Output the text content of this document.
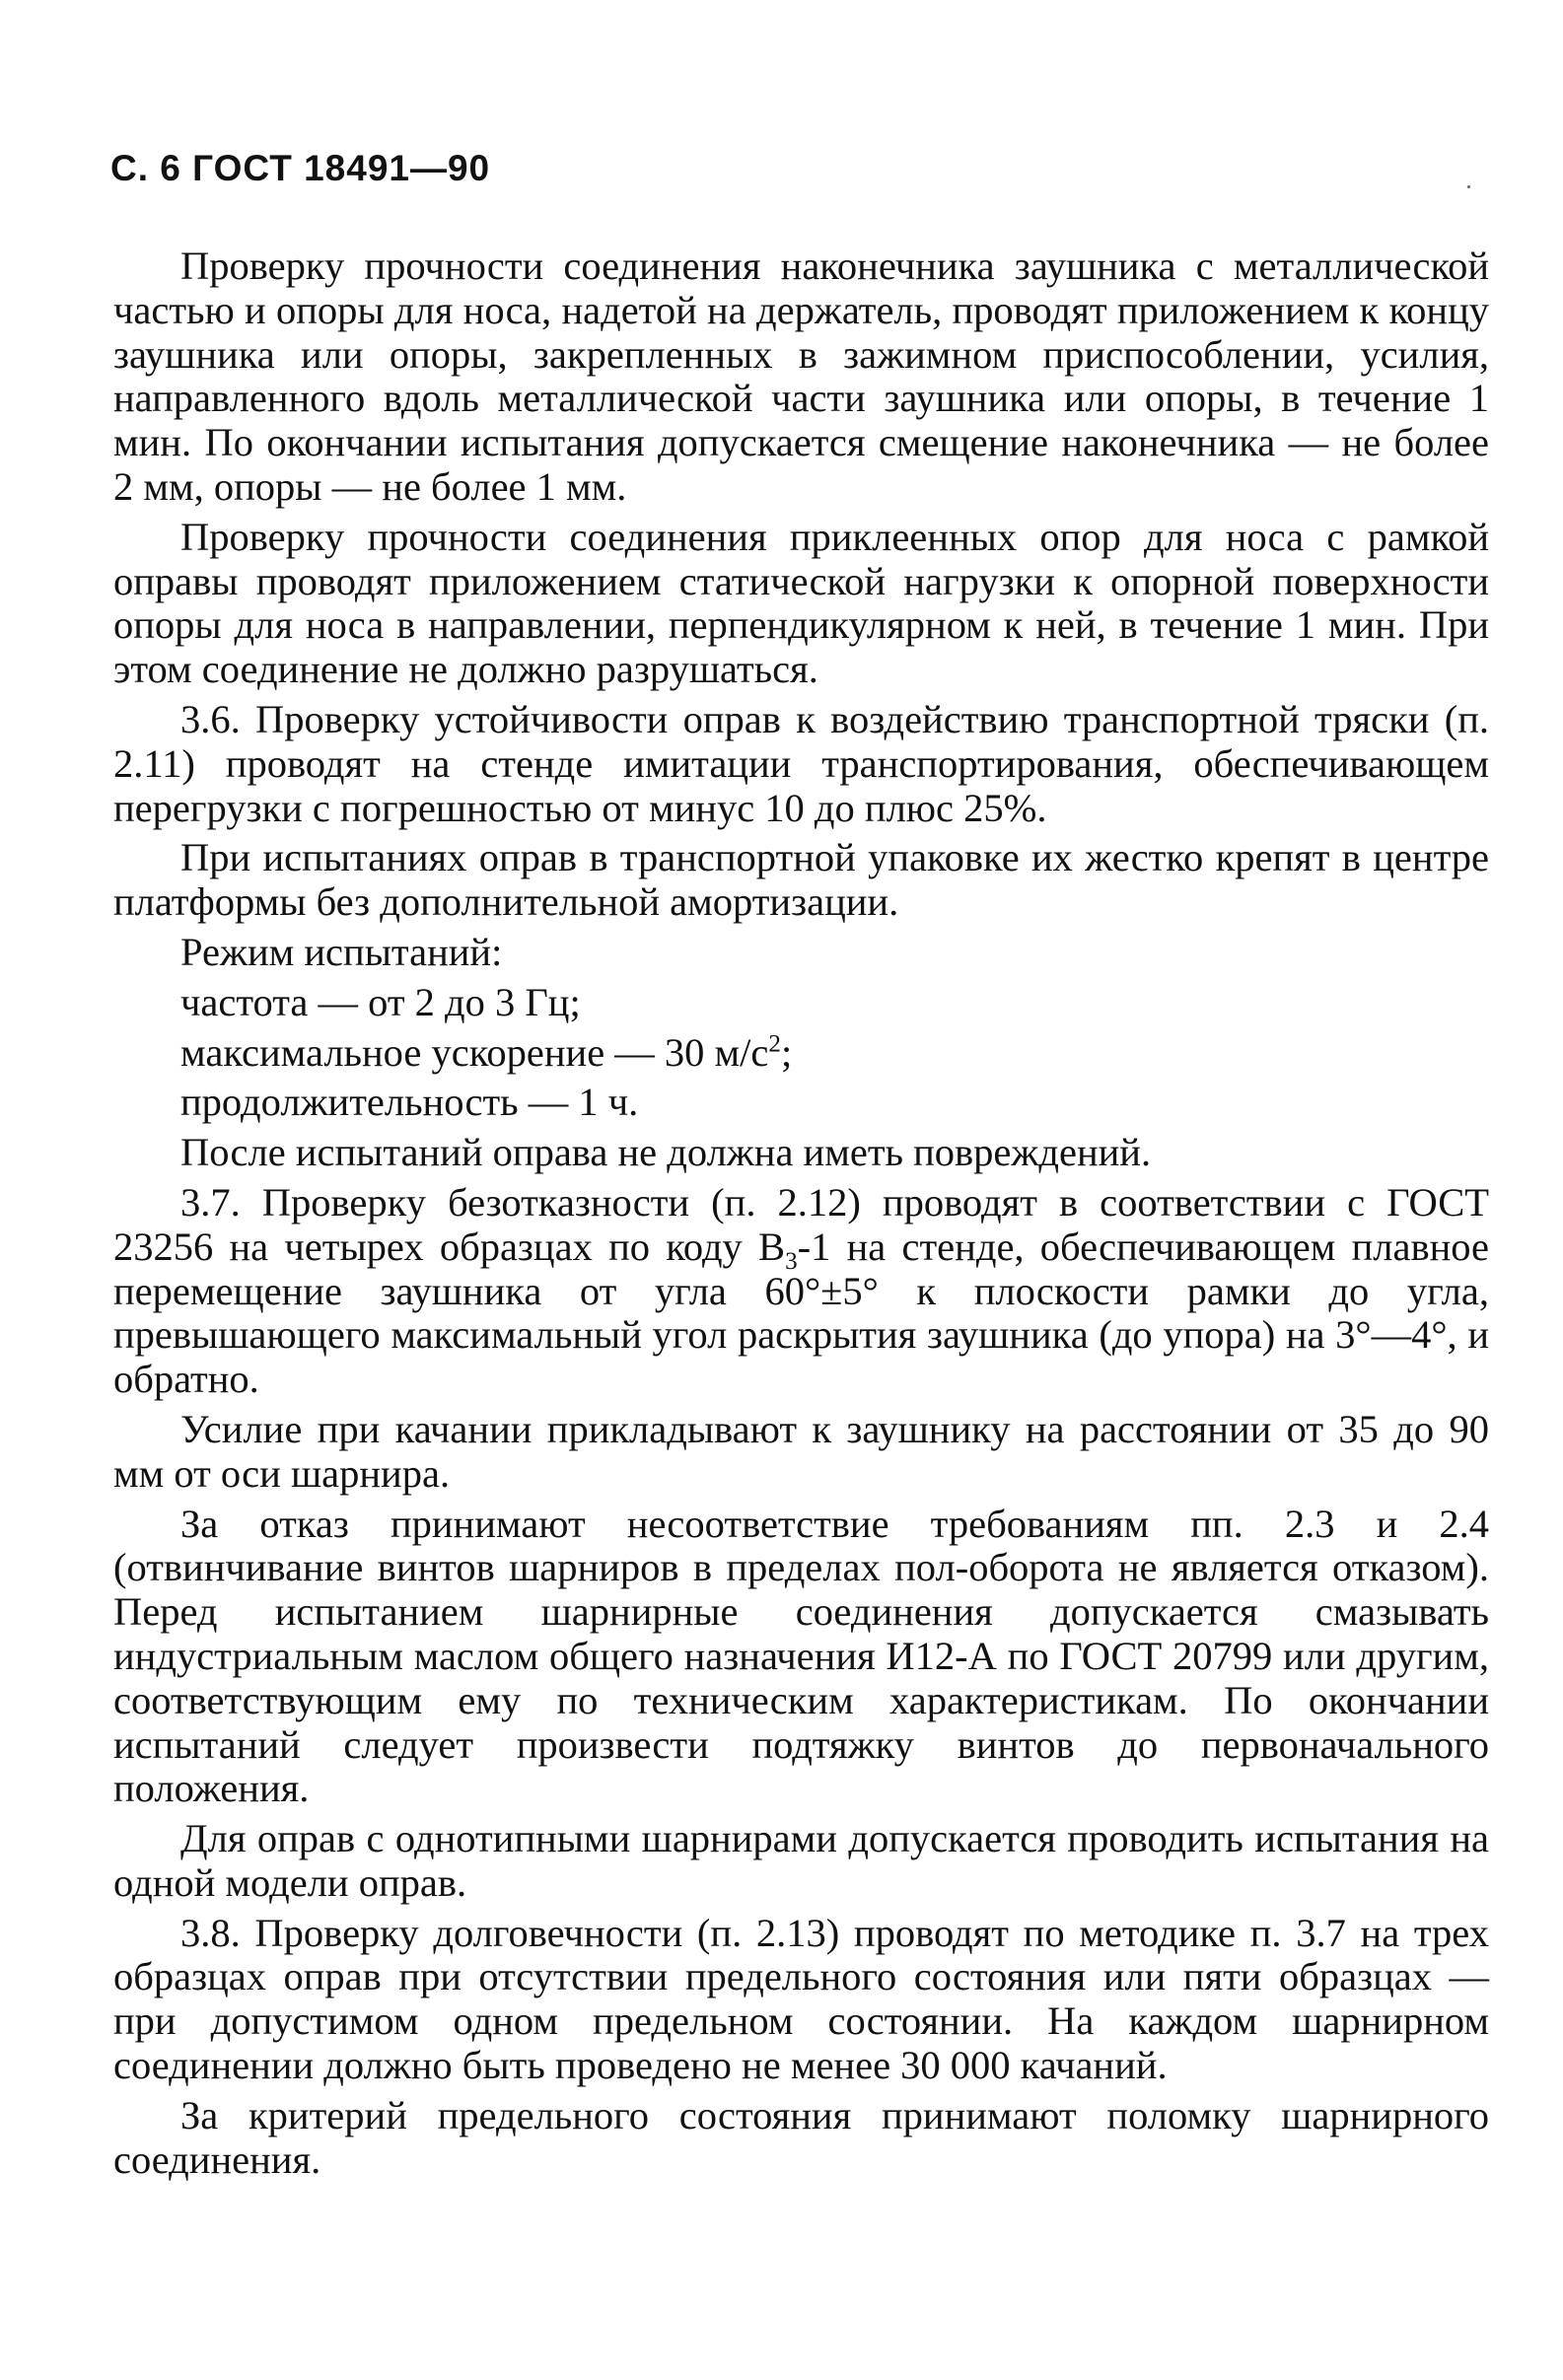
С. 6 ГОСТ 18491—90

Проверку прочности соединения наконечника заушника с металлической частью и опоры для носа, надетой на держатель, проводят приложением к концу заушника или опоры, закрепленных в зажимном приспособлении, усилия, направленного вдоль металлической части заушника или опоры, в течение 1 мин. По окончании испытания допускается смещение наконечника — не более 2 мм, опоры — не более 1 мм.

Проверку прочности соединения приклеенных опор для носа с рамкой оправы проводят приложением статической нагрузки к опорной поверхности опоры для носа в направлении, перпендикулярном к ней, в течение 1 мин. При этом соединение не должно разрушаться.

3.6. Проверку устойчивости оправ к воздействию транспортной тряски (п. 2.11) проводят на стенде имитации транспортирования, обеспечивающем перегрузки с погрешностью от минус 10 до плюс 25%.

При испытаниях оправ в транспортной упаковке их жестко крепят в центре платформы без дополнительной амортизации.

Режим испытаний:

частота — от 2 до 3 Гц;

максимальное ускорение — 30 $м/с^2$;

продолжительность — 1 ч.

После испытаний оправа не должна иметь повреждений.

3.7. Проверку безотказности (п. 2.12) проводят в соответствии с ГОСТ 23256 на четырех образцах по коду $В_3-1$ на стенде, обеспечивающем плавное перемещение заушника от угла 60°±5° к плоскости рамки до угла, превышающего максимальный угол раскрытия заушника (до упора) на 3°—4°, и обратно.

Усилие при качании прикладывают к заушнику на расстоянии от 35 до 90 мм от оси шарнира.

За отказ принимают несоответствие требованиям пп. 2.3 и 2.4 (отвинчивание винтов шарниров в пределах пол-оборота не является отказом). Перед испытанием шарнирные соединения допускается смазывать индустриальным маслом общего назначения И12-А по ГОСТ 20799 или другим, соответствующим ему по техническим характеристикам. По окончании испытаний следует произвести подтяжку винтов до первоначального положения.

Для оправ с однотипными шарнирами допускается проводить испытания на одной модели оправ.

3.8. Проверку долговечности (п. 2.13) проводят по методике п. 3.7 на трех образцах оправ при отсутствии предельного состояния или пяти образцах — при допустимом одном предельном состоянии. На каждом шарнирном соединении должно быть проведено не менее 30 000 качаний.

За критерий предельного состояния принимают поломку шарнирного соединения.
